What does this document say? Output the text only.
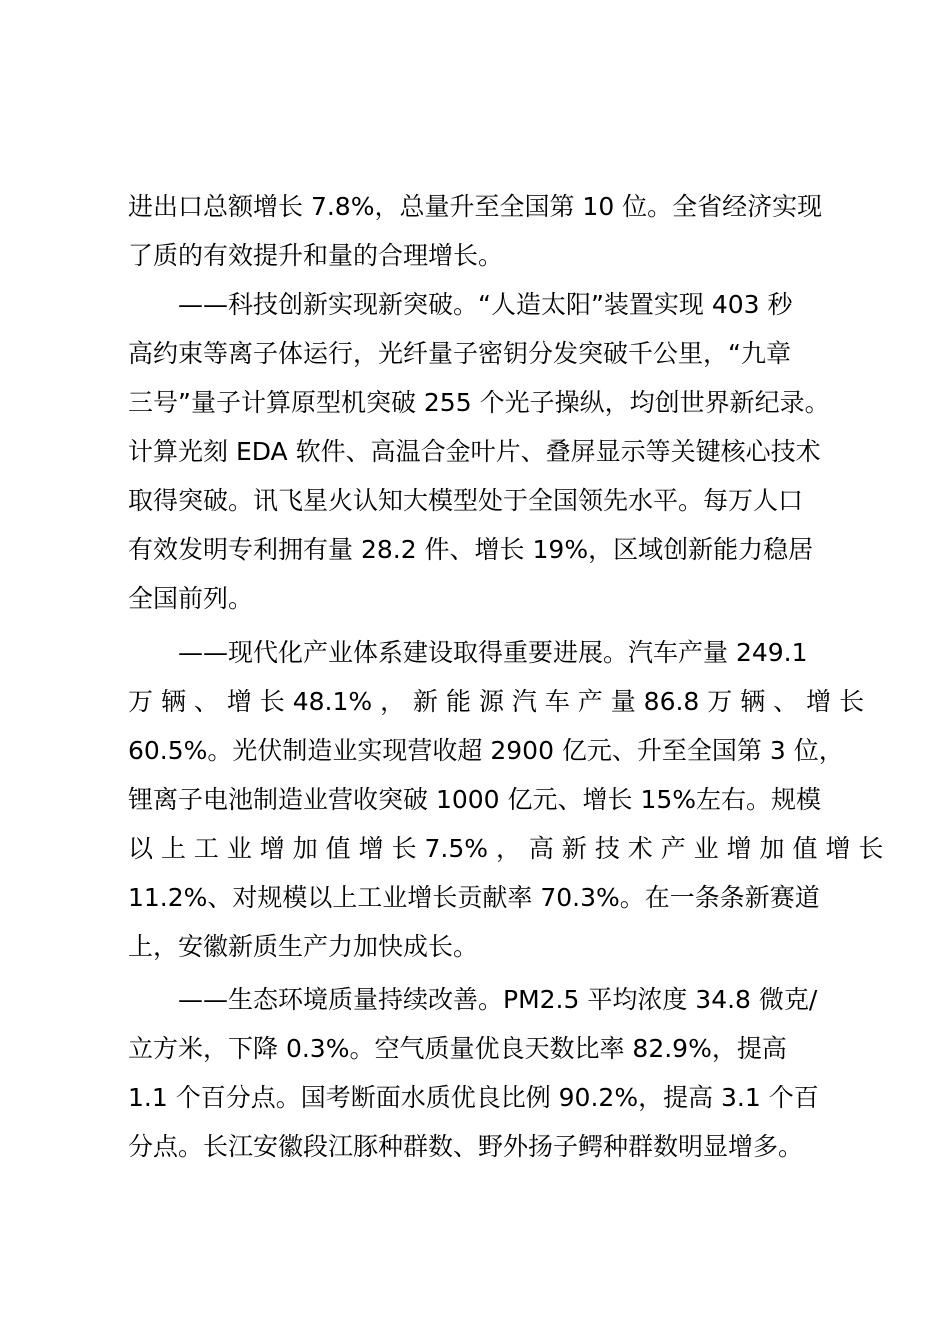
进出口总额增长 7.8%，总量升至全国第 10 位。全省经济实现
了质的有效提升和量的合理增长。
——科技创新实现新突破。“人造太阳”装置实现 403 秒
高约束等离子体运行，光纤量子密钥分发突破千公里，“九章
三号”量子计算原型机突破 255 个光子操纵，均创世界新纪录。
计算光刻 EDA 软件、高温合金叶片、叠屏显示等关键核心技术
取得突破。讯飞星火认知大模型处于全国领先水平。每万人口
有效发明专利拥有量 28.2 件、增长 19%，区域创新能力稳居
全国前列。
——现代化产业体系建设取得重要进展。汽车产量 249.1
万 辆 、 增 长 48.1% ， 新 能 源 汽 车 产 量 86.8 万 辆 、 增 长
60.5%。光伏制造业实现营收超 2900 亿元、升至全国第 3 位，
锂离子电池制造业营收突破 1000 亿元、增长 15%左右。规模
以 上 工 业 增 加 值 增 长 7.5% ， 高 新 技 术 产 业 增 加 值 增 长
11.2%、对规模以上工业增长贡献率 70.3%。在一条条新赛道
上，安徽新质生产力加快成长。
——生态环境质量持续改善。PM2.5 平均浓度 34.8 微克/
立方米，下降 0.3%。空气质量优良天数比率 82.9%，提高
1.1 个百分点。国考断面水质优良比例 90.2%，提高 3.1 个百
分点。长江安徽段江豚种群数、野外扬子鳄种群数明显增多。
